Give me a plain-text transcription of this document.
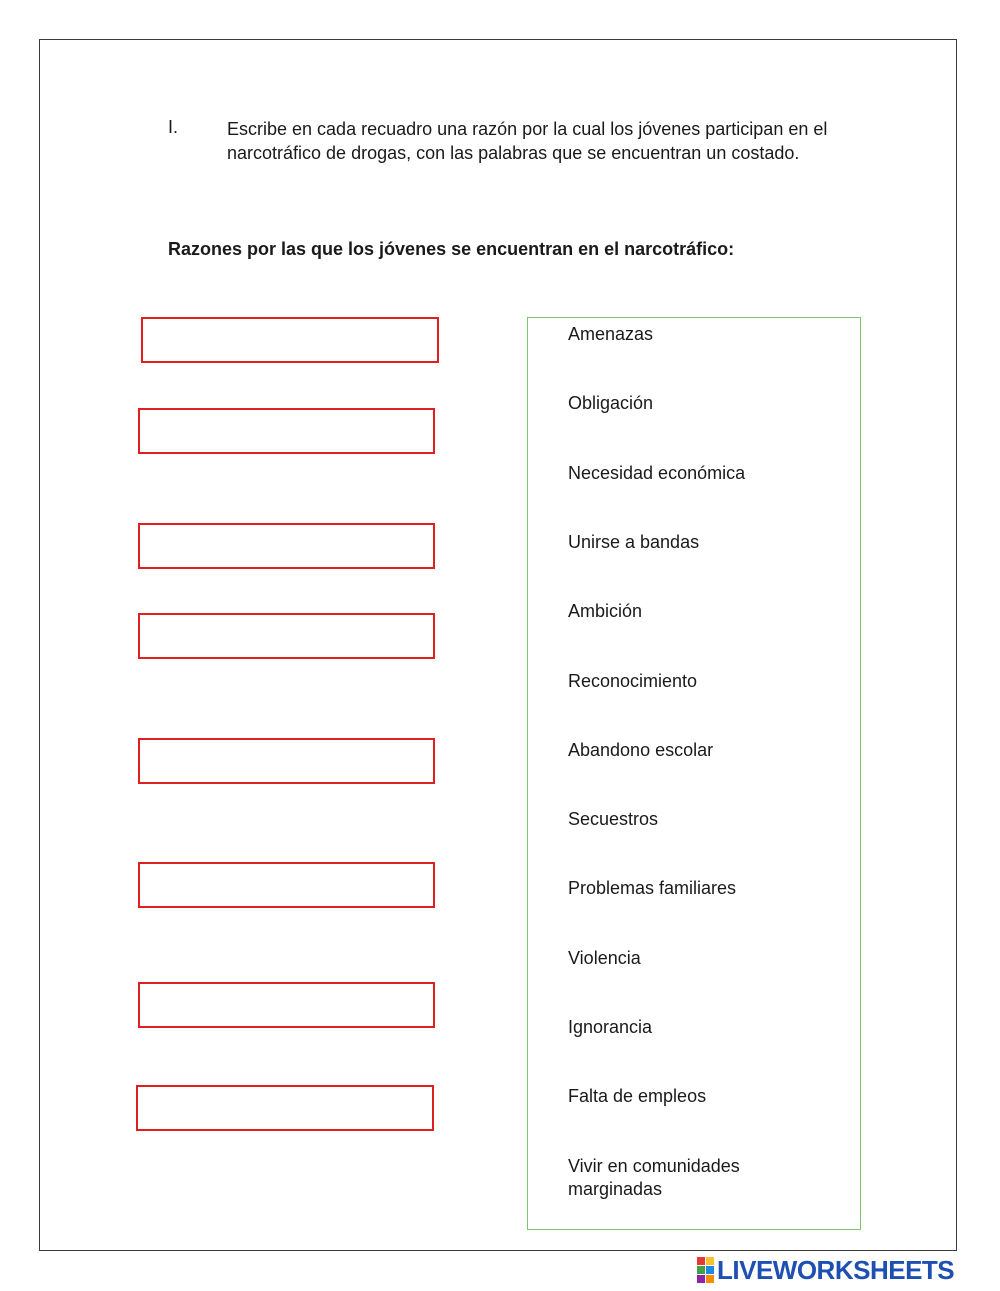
I.	Escribe en cada recuadro una razón por la cual los jóvenes participan en el narcotráfico de drogas, con las palabras que se encuentran un costado.
Razones por las que los jóvenes se encuentran en el narcotráfico:
Amenazas
Obligación
Necesidad económica
Unirse a bandas
Ambición
Reconocimiento
Abandono escolar
Secuestros
Problemas familiares
Violencia
Ignorancia
Falta de empleos
Vivir en comunidades marginadas
LIVEWORKSHEETS
